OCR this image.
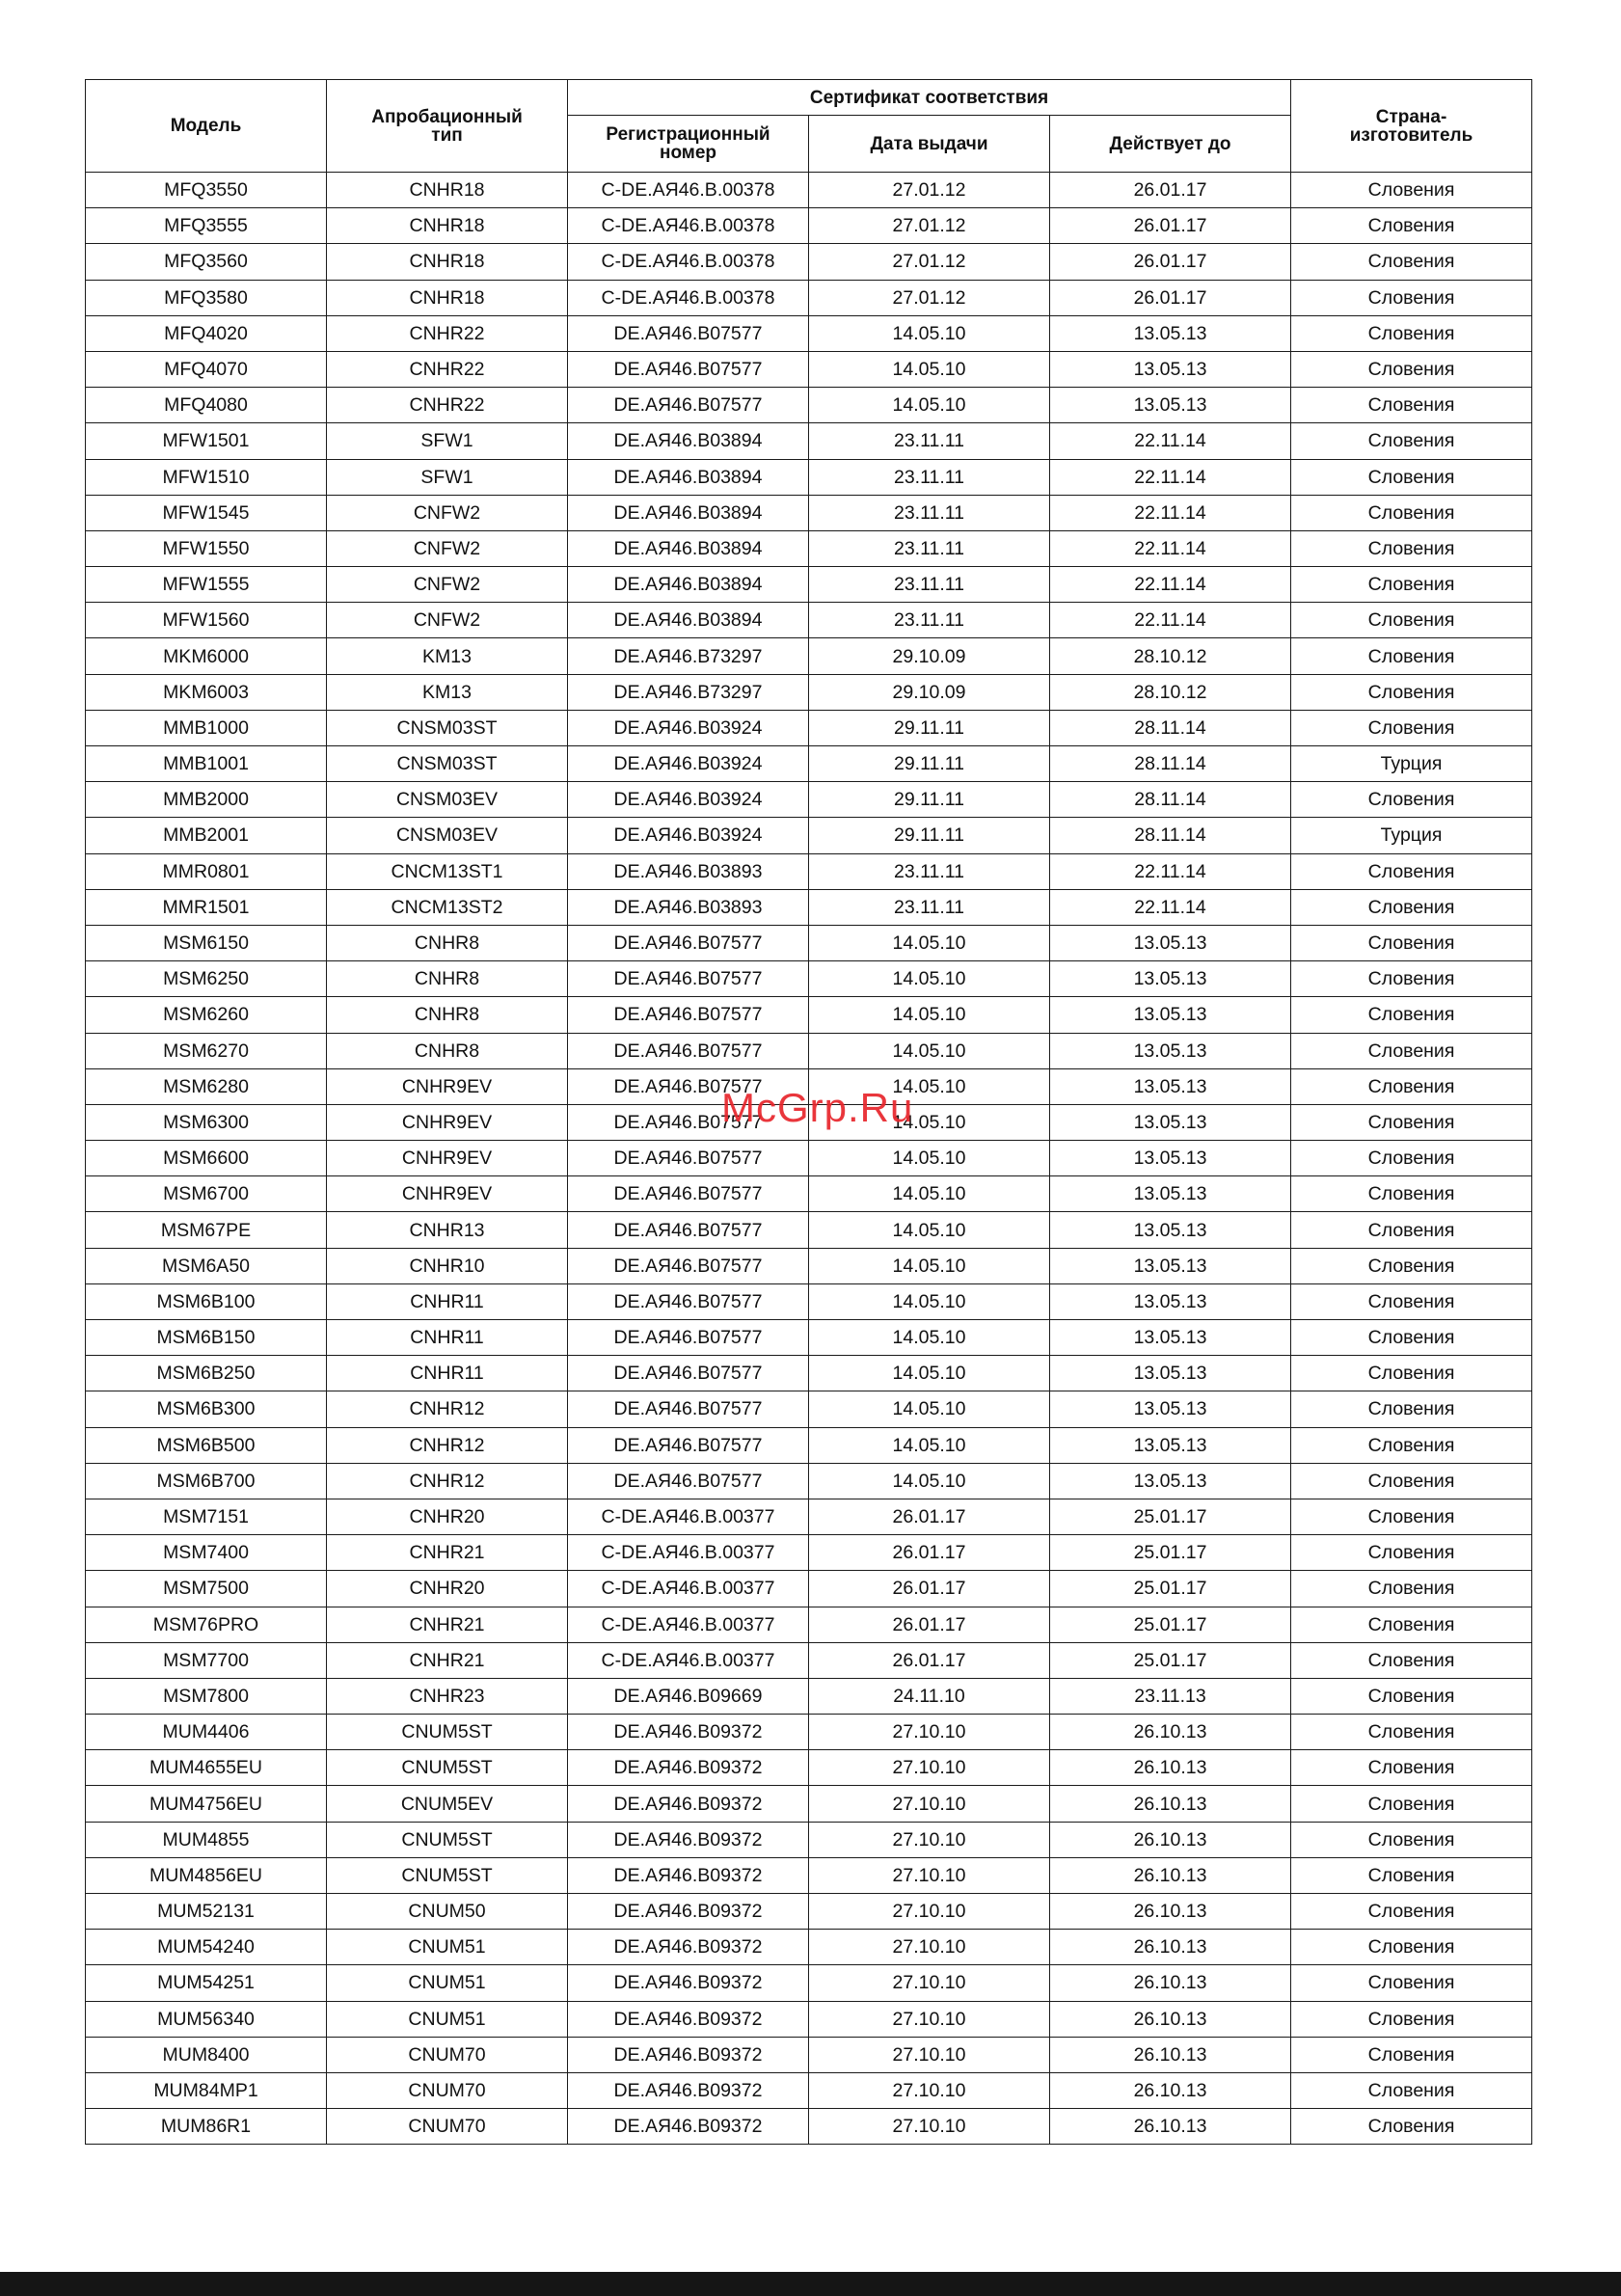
Модель	Апробационный тип	Сертификат соответствия			Страна-изготовитель
		Регистрационный номер	Дата выдачи	Действует до	
MFQ3550	CNHR18	C-DE.АЯ46.B.00378	27.01.12	26.01.17	Словения
MFQ3555	CNHR18	C-DE.АЯ46.B.00378	27.01.12	26.01.17	Словения
MFQ3560	CNHR18	C-DE.АЯ46.B.00378	27.01.12	26.01.17	Словения
MFQ3580	CNHR18	C-DE.АЯ46.B.00378	27.01.12	26.01.17	Словения
MFQ4020	CNHR22	DE.АЯ46.B07577	14.05.10	13.05.13	Словения
MFQ4070	CNHR22	DE.АЯ46.B07577	14.05.10	13.05.13	Словения
MFQ4080	CNHR22	DE.АЯ46.B07577	14.05.10	13.05.13	Словения
MFW1501	SFW1	DE.АЯ46.B03894	23.11.11	22.11.14	Словения
MFW1510	SFW1	DE.АЯ46.B03894	23.11.11	22.11.14	Словения
MFW1545	CNFW2	DE.АЯ46.B03894	23.11.11	22.11.14	Словения
MFW1550	CNFW2	DE.АЯ46.B03894	23.11.11	22.11.14	Словения
MFW1555	CNFW2	DE.АЯ46.B03894	23.11.11	22.11.14	Словения
MFW1560	CNFW2	DE.АЯ46.B03894	23.11.11	22.11.14	Словения
MKM6000	KM13	DE.АЯ46.B73297	29.10.09	28.10.12	Словения
MKM6003	KM13	DE.АЯ46.B73297	29.10.09	28.10.12	Словения
MMB1000	CNSM03ST	DE.АЯ46.B03924	29.11.11	28.11.14	Словения
MMB1001	CNSM03ST	DE.АЯ46.B03924	29.11.11	28.11.14	Турция
MMB2000	CNSM03EV	DE.АЯ46.B03924	29.11.11	28.11.14	Словения
MMB2001	CNSM03EV	DE.АЯ46.B03924	29.11.11	28.11.14	Турция
MMR0801	CNCM13ST1	DE.АЯ46.B03893	23.11.11	22.11.14	Словения
MMR1501	CNCM13ST2	DE.АЯ46.B03893	23.11.11	22.11.14	Словения
MSM6150	CNHR8	DE.АЯ46.B07577	14.05.10	13.05.13	Словения
MSM6250	CNHR8	DE.АЯ46.B07577	14.05.10	13.05.13	Словения
MSM6260	CNHR8	DE.АЯ46.B07577	14.05.10	13.05.13	Словения
MSM6270	CNHR8	DE.АЯ46.B07577	14.05.10	13.05.13	Словения
MSM6280	CNHR9EV	DE.АЯ46.B07577	14.05.10	13.05.13	Словения
MSM6300	CNHR9EV	DE.АЯ46.B07577	14.05.10	13.05.13	Словения
MSM6600	CNHR9EV	DE.АЯ46.B07577	14.05.10	13.05.13	Словения
MSM6700	CNHR9EV	DE.АЯ46.B07577	14.05.10	13.05.13	Словения
MSM67PE	CNHR13	DE.АЯ46.B07577	14.05.10	13.05.13	Словения
MSM6A50	CNHR10	DE.АЯ46.B07577	14.05.10	13.05.13	Словения
MSM6B100	CNHR11	DE.АЯ46.B07577	14.05.10	13.05.13	Словения
MSM6B150	CNHR11	DE.АЯ46.B07577	14.05.10	13.05.13	Словения
MSM6B250	CNHR11	DE.АЯ46.B07577	14.05.10	13.05.13	Словения
MSM6B300	CNHR12	DE.АЯ46.B07577	14.05.10	13.05.13	Словения
MSM6B500	CNHR12	DE.АЯ46.B07577	14.05.10	13.05.13	Словения
MSM6B700	CNHR12	DE.АЯ46.B07577	14.05.10	13.05.13	Словения
MSM7151	CNHR20	C-DE.АЯ46.B.00377	26.01.17	25.01.17	Словения
MSM7400	CNHR21	C-DE.АЯ46.B.00377	26.01.17	25.01.17	Словения
MSM7500	CNHR20	C-DE.АЯ46.B.00377	26.01.17	25.01.17	Словения
MSM76PRO	CNHR21	C-DE.АЯ46.B.00377	26.01.17	25.01.17	Словения
MSM7700	CNHR21	C-DE.АЯ46.B.00377	26.01.17	25.01.17	Словения
MSM7800	CNHR23	DE.АЯ46.B09669	24.11.10	23.11.13	Словения
MUM4406	CNUM5ST	DE.АЯ46.B09372	27.10.10	26.10.13	Словения
MUM4655EU	CNUM5ST	DE.АЯ46.B09372	27.10.10	26.10.13	Словения
MUM4756EU	CNUM5EV	DE.АЯ46.B09372	27.10.10	26.10.13	Словения
MUM4855	CNUM5ST	DE.АЯ46.B09372	27.10.10	26.10.13	Словения
MUM4856EU	CNUM5ST	DE.АЯ46.B09372	27.10.10	26.10.13	Словения
MUM52131	CNUM50	DE.АЯ46.B09372	27.10.10	26.10.13	Словения
MUM54240	CNUM51	DE.АЯ46.B09372	27.10.10	26.10.13	Словения
MUM54251	CNUM51	DE.АЯ46.B09372	27.10.10	26.10.13	Словения
MUM56340	CNUM51	DE.АЯ46.B09372	27.10.10	26.10.13	Словения
MUM8400	CNUM70	DE.АЯ46.B09372	27.10.10	26.10.13	Словения
MUM84MP1	CNUM70	DE.АЯ46.B09372	27.10.10	26.10.13	Словения
MUM86R1	CNUM70	DE.АЯ46.B09372	27.10.10	26.10.13	Словения
McGrp.Ru
